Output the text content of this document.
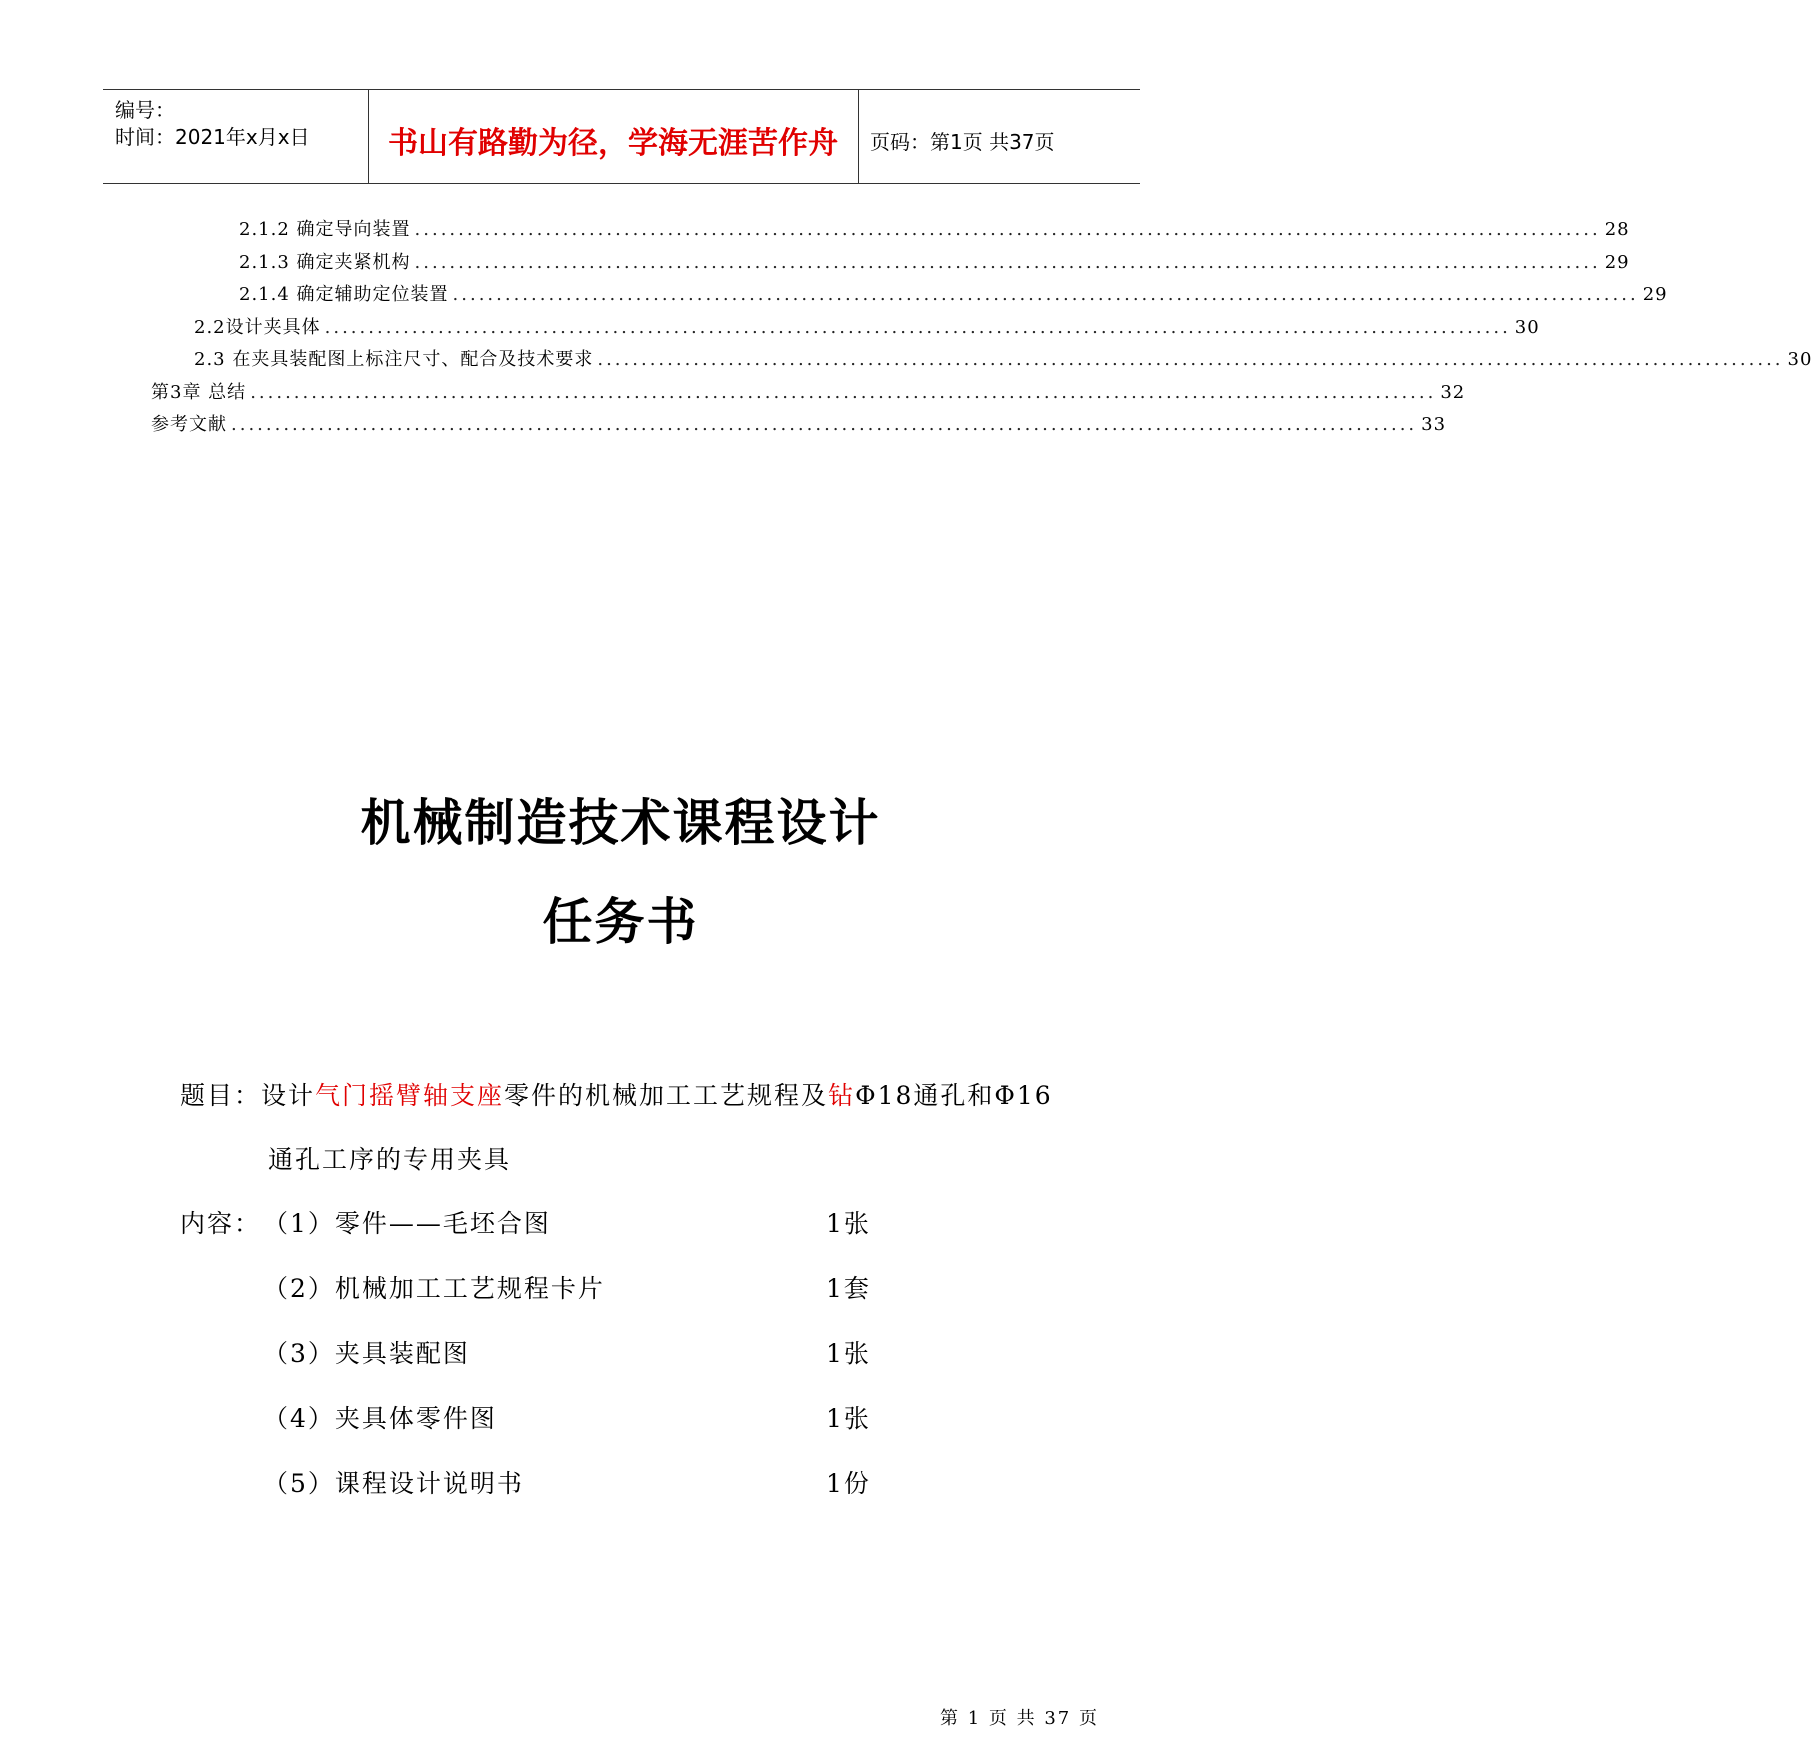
编号：
时间：2021年x月x日	书山有路勤为径，学海无涯苦作舟	页码：第1页 共37页
2.1.2 确定导向装置 ........................................................................................................................................ 28
2.1.3 确定夹紧机构 ........................................................................................................................................ 29
2.1.4 确定辅助定位装置 ........................................................................................................................................ 29
2.2设计夹具体 ........................................................................................................................................ 30
2.3 在夹具装配图上标注尺寸、配合及技术要求 ........................................................................................................................................ 30
第3章 总结 ........................................................................................................................................ 32
参考文献 ........................................................................................................................................ 33
机械制造技术课程设计
任务书
题目：设计气门摇臂轴支座零件的机械加工工艺规程及钻Φ18通孔和Φ16
通孔工序的专用夹具
内容： （1）零件——毛坯合图	1张
（2）机械加工工艺规程卡片	1套
（3）夹具装配图	1张
（4）夹具体零件图	1张
（5）课程设计说明书	1份
第 1 页 共 37 页
